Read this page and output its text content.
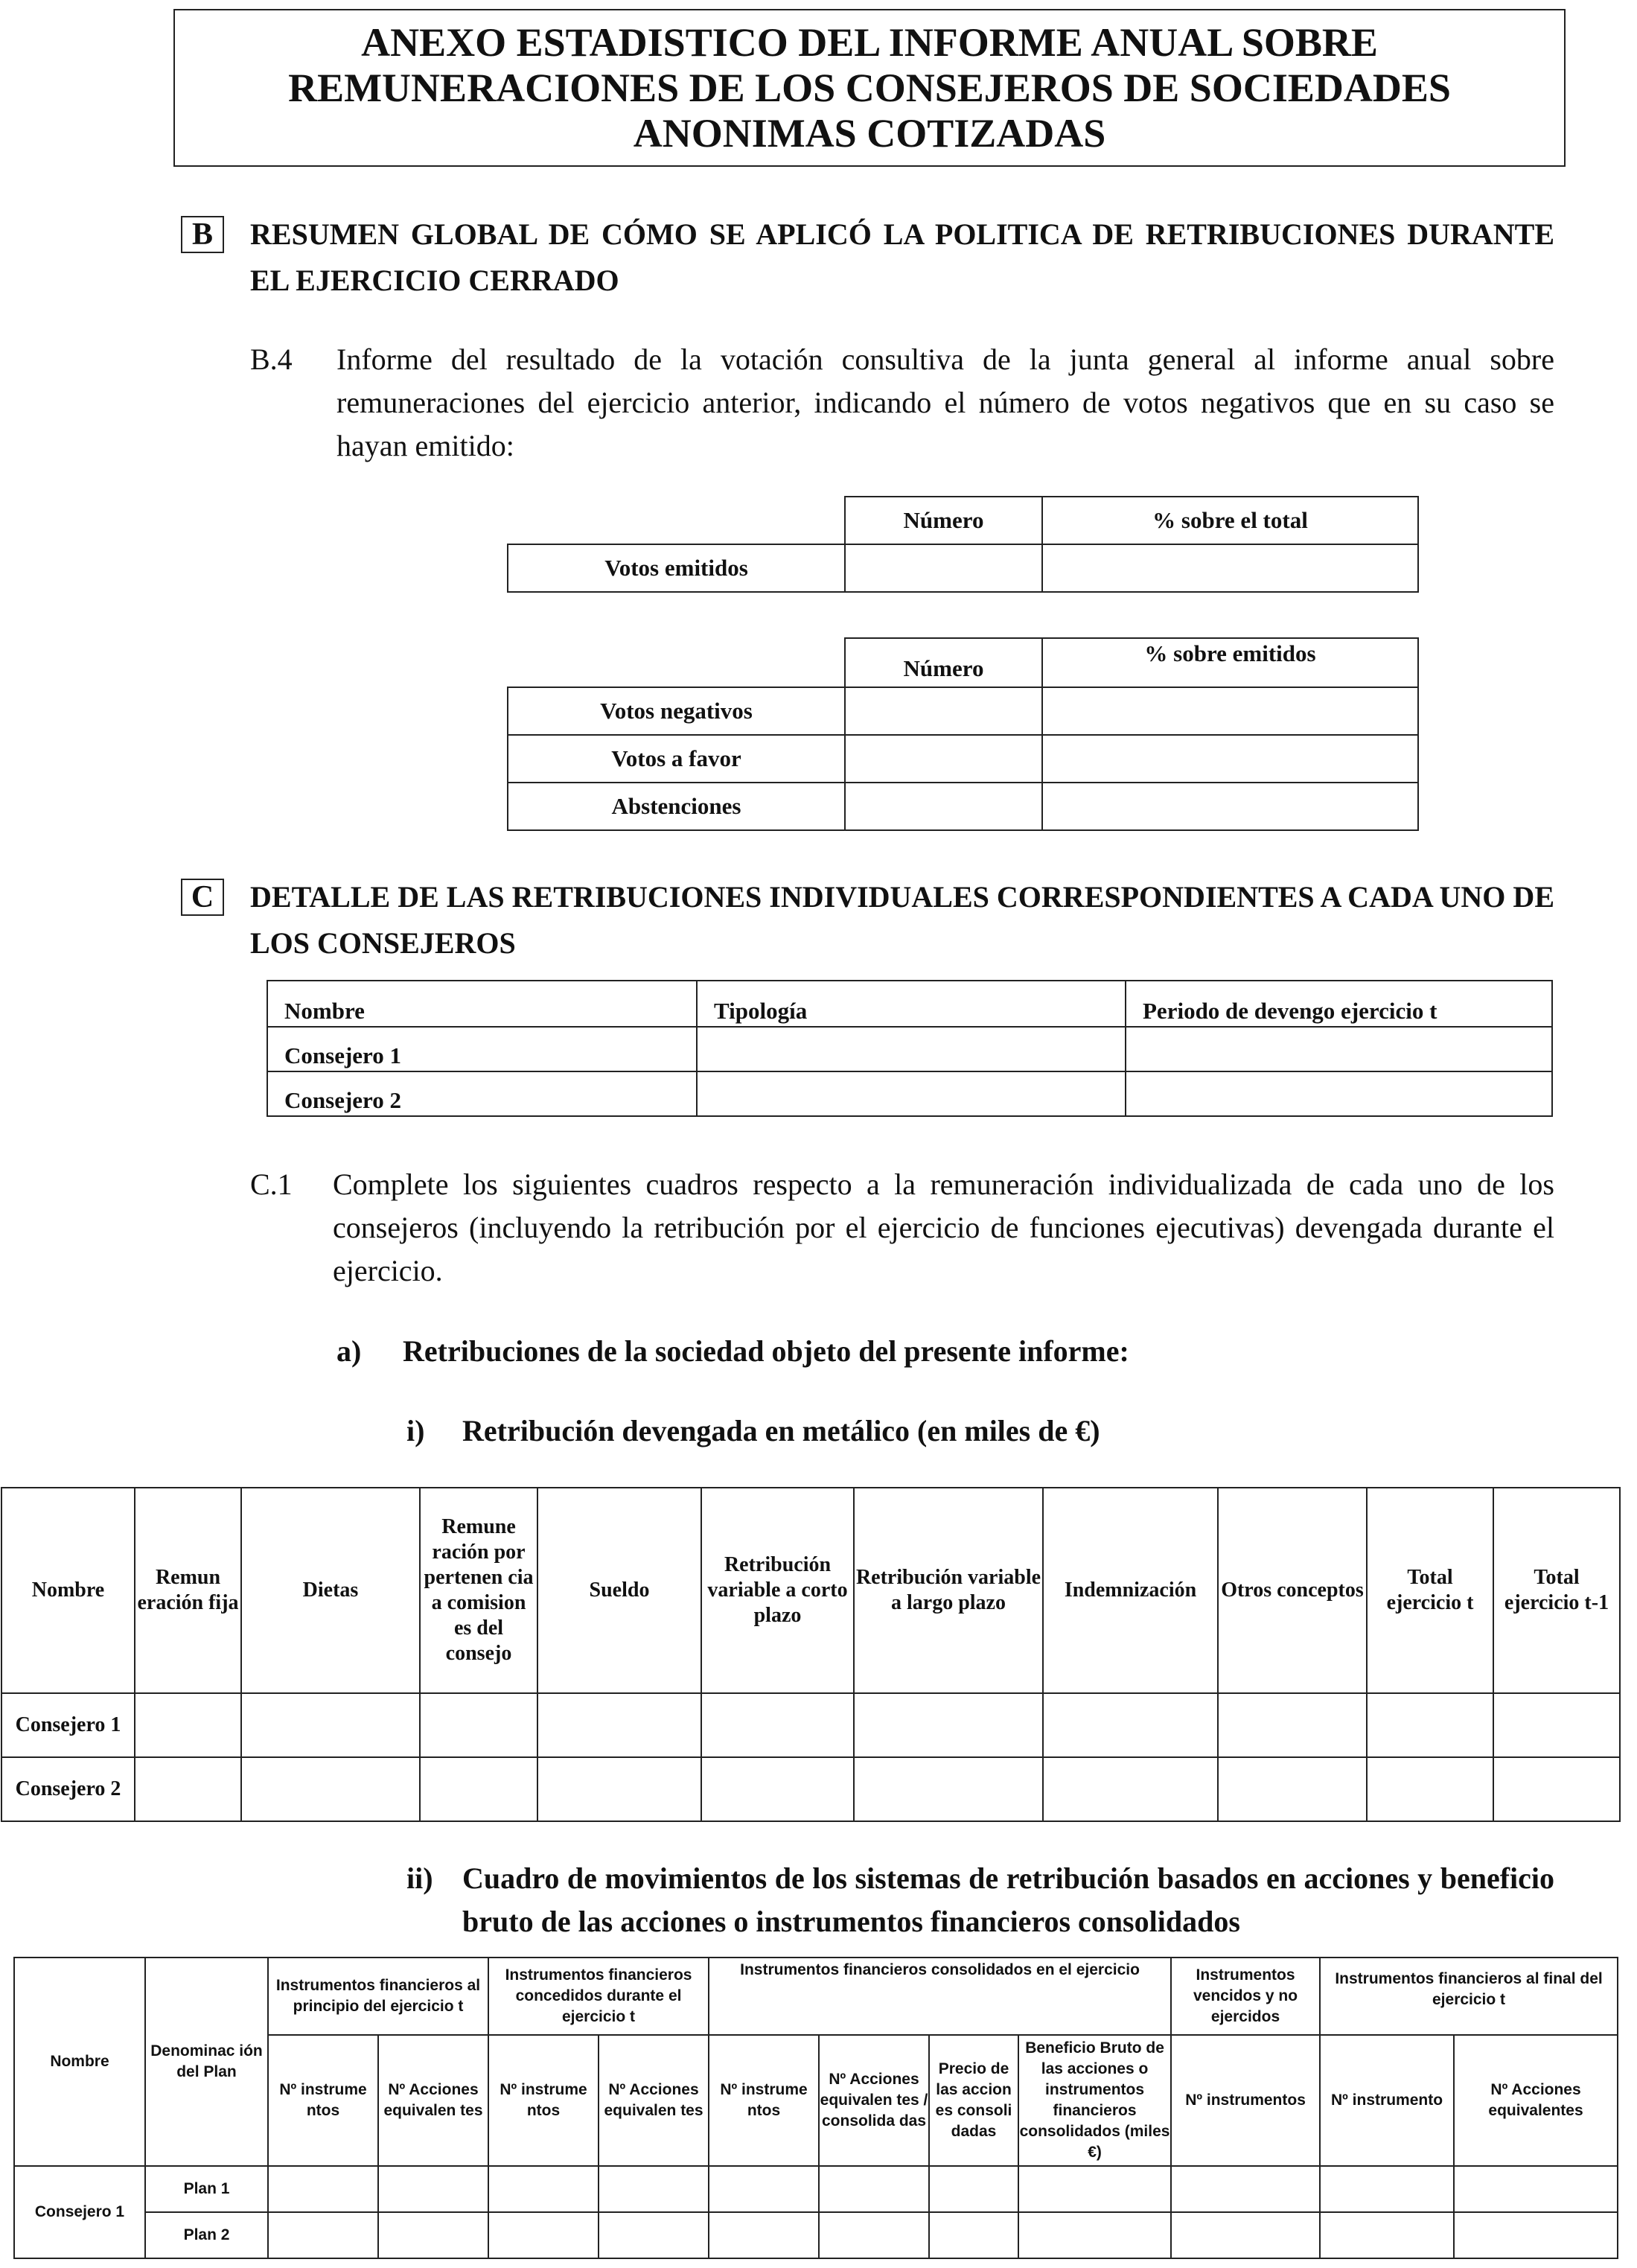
ANEXO ESTADISTICO DEL INFORME ANUAL SOBRE
REMUNERACIONES DE LOS CONSEJEROS DE SOCIEDADES
ANONIMAS COTIZADAS
B	RESUMEN GLOBAL DE CÓMO SE APLICÓ LA POLITICA DE RETRIBUCIONES DURANTE EL EJERCICIO CERRADO
B.4 Informe del resultado de la votación consultiva de la junta general al informe anual sobre remuneraciones del ejercicio anterior, indicando el número de votos negativos que en su caso se hayan emitido:
	Número	% sobre el total
Votos emitidos		
	Número	% sobre emitidos
Votos negativos		
Votos a favor		
Abstenciones		
C	DETALLE DE LAS RETRIBUCIONES INDIVIDUALES CORRESPONDIENTES A CADA UNO DE LOS CONSEJEROS
Nombre	Tipología	Periodo de devengo ejercicio t
Consejero 1		
Consejero 2		
C.1 Complete los siguientes cuadros respecto a la remuneración individualizada de cada uno de los consejeros (incluyendo la retribución por el ejercicio de funciones ejecutivas) devengada durante el ejercicio.
a) Retribuciones de la sociedad objeto del presente informe:
i) Retribución devengada en metálico (en miles de €)
Nombre	Remun eración fija	Dietas	Remune ración por pertenen cia a comision es del consejo	Sueldo	Retribución variable a corto plazo	Retribución variable a largo plazo	Indemnización	Otros conceptos	Total ejercicio t	Total ejercicio t-1
Consejero 1										
Consejero 2										
ii) Cuadro de movimientos de los sistemas de retribución basados en acciones y beneficio bruto de las acciones o instrumentos financieros consolidados
Nombre	Denominac ión del Plan	Instrumentos financieros al principio del ejercicio t		Instrumentos financieros concedidos durante el ejercicio t		Instrumentos financieros consolidados en el ejercicio				Instrumentos vencidos y no ejercidos	Instrumentos financieros al final del ejercicio t	
		Nº instrume ntos	Nº Acciones equivalen tes	Nº instrume ntos	Nº Acciones equivalen tes	Nº instrume ntos	Nº Acciones equivalen tes / consolida das	Precio de las accion es consoli dadas	Beneficio Bruto de las acciones o instrumentos financieros consolidados (miles €)	Nº instrumentos	Nº instrumento	Nº Acciones equivalentes
Consejero 1	Plan 1											
	Plan 2											
